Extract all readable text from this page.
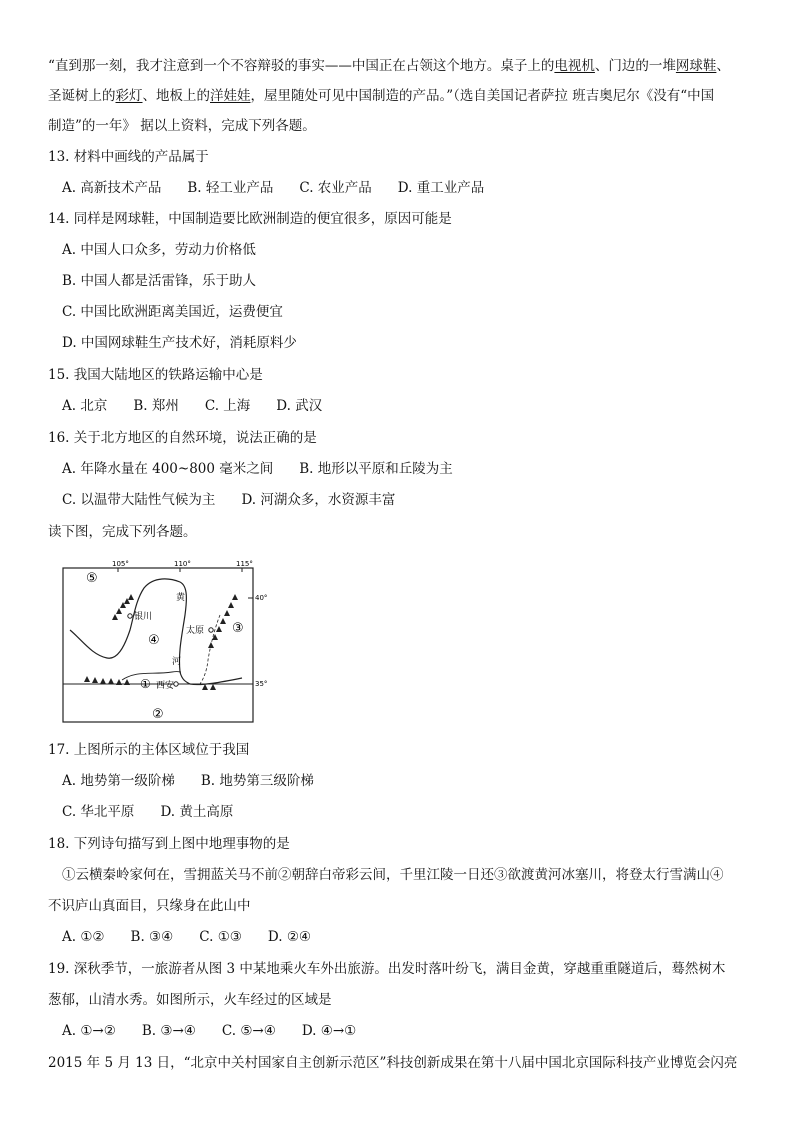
“直到那一刻，我才注意到一个不容辩驳的事实——中国正在占领这个地方。桌子上的电视机、门边的一堆网球鞋、
圣诞树上的彩灯、地板上的洋娃娃，屋里随处可见中国制造的产品。”（选自美国记者萨拉 班吉奥尼尔《没有“中国
制造”的一年》 据以上资料，完成下列各题。
13. 材料中画线的产品属于
A. 高新技术产品 B. 轻工业产品 C. 农业产品 D. 重工业产品
14. 同样是网球鞋，中国制造要比欧洲制造的便宜很多，原因可能是
A. 中国人口众多，劳动力价格低
B. 中国人都是活雷锋，乐于助人
C. 中国比欧洲距离美国近，运费便宜
D. 中国网球鞋生产技术好，消耗原料少
15. 我国大陆地区的铁路运输中心是
A. 北京 B. 郑州 C. 上海 D. 武汉
16. 关于北方地区的自然环境，说法正确的是
A. 年降水量在 400~800 毫米之间 B. 地形以平原和丘陵为主
C. 以温带大陆性气候为主 D. 河湖众多，水资源丰富
读下图，完成下列各题。
105°	110°	115°
40°
35°
银川
太原
西安
黄
河
⑤
④
③
②
①
17. 上图所示的主体区域位于我国
A. 地势第一级阶梯 B. 地势第三级阶梯
C. 华北平原 D. 黄土高原
18. 下列诗句描写到上图中地理事物的是
①云横秦岭家何在，雪拥蓝关马不前②朝辞白帝彩云间，千里江陵一日还③欲渡黄河冰塞川，将登太行雪满山④
不识庐山真面目，只缘身在此山中
A. ①② B. ③④ C. ①③ D. ②④
19. 深秋季节，一旅游者从图 3 中某地乘火车外出旅游。出发时落叶纷飞，满目金黄，穿越重重隧道后，蓦然树木
葱郁，山清水秀。如图所示，火车经过的区域是
A. ①→② B. ③→④ C. ⑤→④ D. ④→①
2015 年 5 月 13 日，“北京中关村国家自主创新示范区”科技创新成果在第十八届中国北京国际科技产业博览会闪亮
